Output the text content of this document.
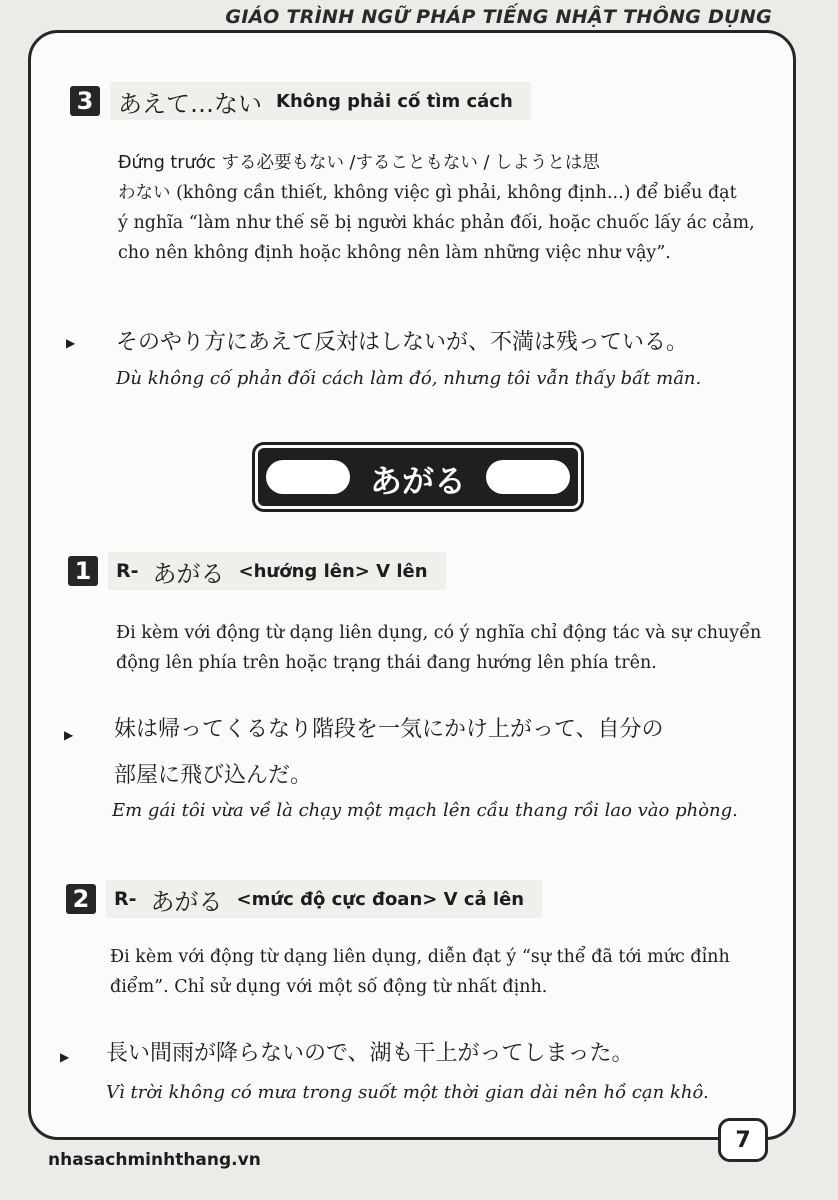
GIÁO TRÌNH NGỮ PHÁP TIẾNG NHẬT THÔNG DỤNG
3 あえて…ない Không phải cố tìm cách
Đứng trước する必要もない /することもない / しようとは思
わない (không cần thiết, không việc gì phải, không định...) để biểu đạt
ý nghĩa “làm như thế sẽ bị người khác phản đối, hoặc chuốc lấy ác cảm,
cho nên không định hoặc không nên làm những việc như vậy”.
▶ そのやり方にあえて反対はしないが、不満は残っている。
Dù không cố phản đối cách làm đó, nhưng tôi vẫn thấy bất mãn.
あがる
1	R- あがる <hướng lên> V lên
Đi kèm với động từ dạng liên dụng, có ý nghĩa chỉ động tác và sự chuyển
động lên phía trên hoặc trạng thái đang hướng lên phía trên.
▶ 妹は帰ってくるなり階段を一気にかけ上がって、自分の
部屋に飛び込んだ。
Em gái tôi vừa về là chạy một mạch lên cầu thang rồi lao vào phòng.
2	R- あがる <mức độ cực đoan> V cả lên
Đi kèm với động từ dạng liên dụng, diễn đạt ý “sự thể đã tới mức đỉnh
điểm”. Chỉ sử dụng với một số động từ nhất định.
▶ 長い間雨が降らないので、湖も干上がってしまった。
Vì trời không có mưa trong suốt một thời gian dài nên hồ cạn khô.
7
nhasachminhthang.vn
